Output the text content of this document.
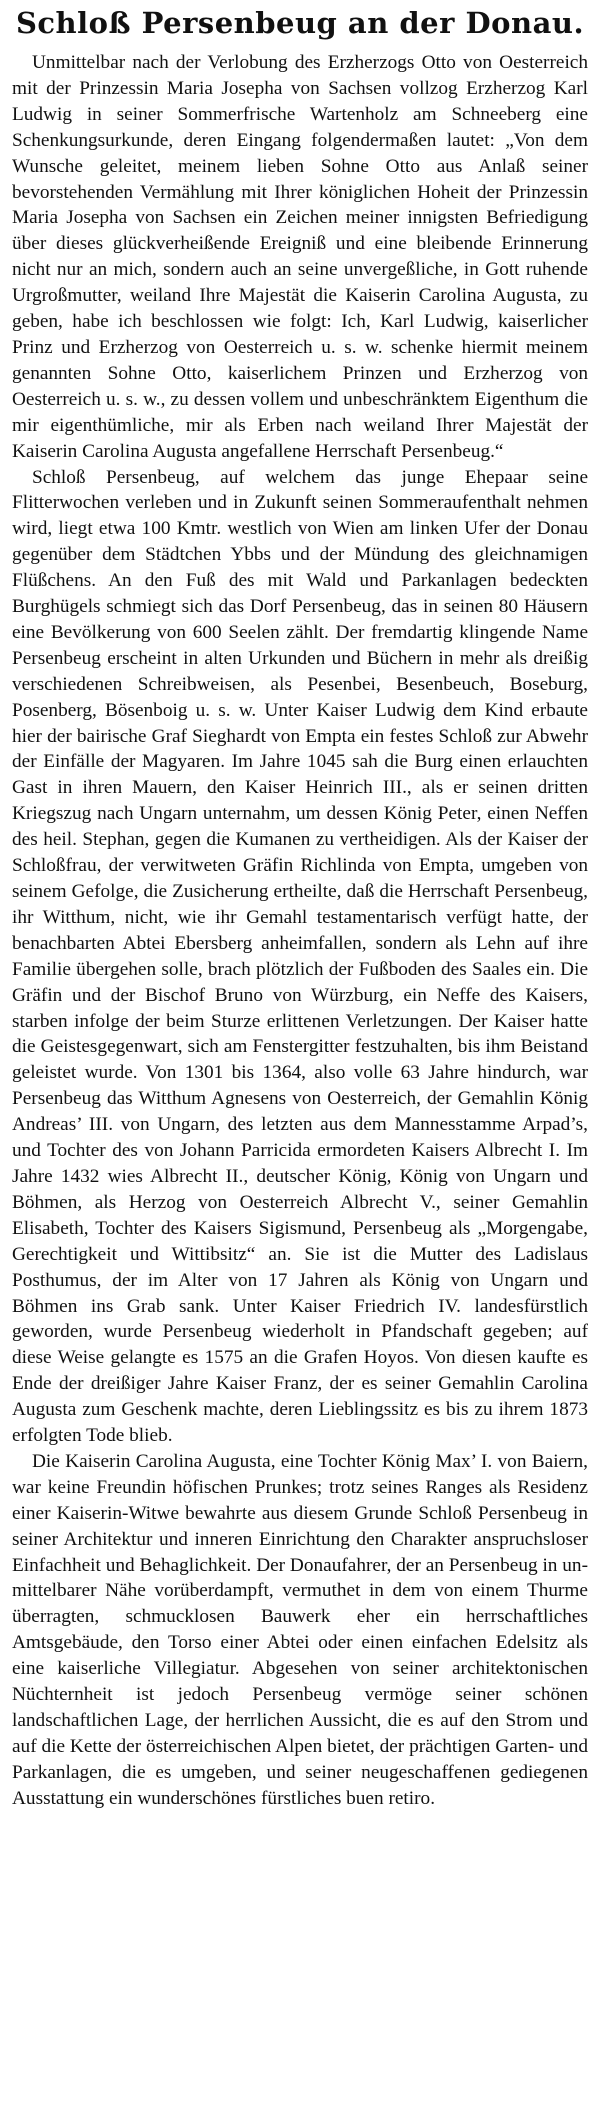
Schloß Persenbeug an der Donau.

Unmittelbar nach der Verlobung des Erzherzogs Otto von Oesterreich mit der Prinzessin Maria Josepha von Sachsen vollzog Erzherzog Karl Ludwig in seiner Sommerfrische Wartenholz am Schneeberg eine Schenkungsurkunde, deren Eingang folgendermaßen lautet: „Von dem Wunsche geleitet, meinem lieben Sohne Otto aus Anlaß seiner bevorstehenden Vermählung mit Ihrer königlichen Hoheit der Prinzessin Maria Josepha von Sachsen ein Zeichen meiner innigsten Befriedigung über dieses glückverheißende Ereigniß und eine bleibende Erinnerung nicht nur an mich, sondern auch an seine unvergeßliche, in Gott ruhende Urgroßmutter, weiland Ihre Majestät die Kaiserin Carolina Augusta, zu geben, habe ich beschlossen wie folgt: Ich, Karl Ludwig, kaiserlicher Prinz und Erzherzog von Oesterreich u. s. w. schenke hiermit meinem genannten Sohne Otto, kaiserlichem Prinzen und Erzherzog von Oesterreich u. s. w., zu dessen vollem und unbeschränktem Eigenthum die mir eigenthümliche, mir als Erben nach weiland Ihrer Majestät der Kaiserin Carolina Augusta angefallene Herrschaft Persenbeug.“

Schloß Persenbeug, auf welchem das junge Ehepaar seine Flitterwochen verleben und in Zukunft seinen Sommeraufenthalt nehmen wird, liegt etwa 100 Kmtr. westlich von Wien am linken Ufer der Donau gegenüber dem Städtchen Ybbs und der Mündung des gleichnamigen Flüßchens. An den Fuß des mit Wald und Parkanlagen bedeckten Burghügels schmiegt sich das Dorf Persenbeug, das in seinen 80 Häusern eine Bevölkerung von 600 Seelen zählt. Der fremdartig klingende Name Persenbeug erscheint in alten Urkunden und Büchern in mehr als dreißig verschiedenen Schreibweisen, als Pesenbei, Besenbeuch, Boseburg, Posenberg, Bösenboig u. s. w. Unter Kaiser Ludwig dem Kind erbaute hier der bairische Graf Sieghardt von Empta ein festes Schloß zur Abwehr der Einfälle der Magyaren. Im Jahre 1045 sah die Burg einen erlauchten Gast in ihren Mauern, den Kaiser Heinrich III., als er seinen dritten Kriegszug nach Ungarn unternahm, um dessen König Peter, einen Neffen des heil. Stephan, gegen die Kumanen zu vertheidigen. Als der Kaiser der Schloßfrau, der verwitweten Gräfin Richlinda von Empta, umgeben von seinem Gefolge, die Zusicherung ertheilte, daß die Herrschaft Persenbeug, ihr Witthum, nicht, wie ihr Gemahl testamentarisch verfügt hatte, der benachbarten Abtei Ebersberg anheimfallen, sondern als Lehn auf ihre Familie übergehen solle, brach plötzlich der Fußboden des Saales ein. Die Gräfin und der Bischof Bruno von Würzburg, ein Neffe des Kaisers, starben infolge der beim Sturze erlittenen Verletzungen. Der Kaiser hatte die Geistesgegenwart, sich am Fenstergitter festzuhalten, bis ihm Beistand geleistet wurde. Von 1301 bis 1364, also volle 63 Jahre hindurch, war Persenbeug das Witthum Agnesens von Oesterreich, der Gemahlin König Andreas’ III. von Ungarn, des letzten aus dem Mannesstamme Arpad’s, und Tochter des von Johann Parricida ermordeten Kaisers Albrecht I. Im Jahre 1432 wies Albrecht II., deutscher König, König von Ungarn und Böhmen, als Herzog von Oesterreich Albrecht V., seiner Gemahlin Elisabeth, Tochter des Kaisers Sigismund, Persenbeug als „Morgengabe, Gerechtigkeit und Wittibsitz“ an. Sie ist die Mutter des Ladislaus Posthumus, der im Alter von 17 Jahren als König von Ungarn und Böhmen ins Grab sank. Unter Kaiser Friedrich IV. landesfürstlich geworden, wurde Persenbeug wiederholt in Pfandschaft gegeben; auf diese Weise gelangte es 1575 an die Grafen Hoyos. Von diesen kaufte es Ende der dreißiger Jahre Kaiser Franz, der es seiner Gemahlin Carolina Augusta zum Geschenk machte, deren Lieblingssitz es bis zu ihrem 1873 erfolgten Tode blieb.

Die Kaiserin Carolina Augusta, eine Tochter König Max’ I. von Baiern, war keine Freundin höfischen Prunkes; trotz seines Ranges als Residenz einer Kaiserin-Witwe bewahrte aus diesem Grunde Schloß Persenbeug in seiner Architektur und inneren Einrichtung den Charakter anspruchsloser Einfachheit und Behaglichkeit. Der Donaufahrer, der an Persenbeug in unmittelbarer Nähe vorüberdampft, vermuthet in dem von einem Thurme überragten, schmucklosen Bauwerk eher ein herrschaftliches Amtsgebäude, den Torso einer Abtei oder einen einfachen Edelsitz als eine kaiserliche Villegiatur. Abgesehen von seiner architektonischen Nüchternheit ist jedoch Persenbeug vermöge seiner schönen landschaftlichen Lage, der herrlichen Aussicht, die es auf den Strom und auf die Kette der österreichischen Alpen bietet, der prächtigen Garten- und Parkanlagen, die es umgeben, und seiner neugeschaffenen gediegenen Ausstattung ein wunderschönes fürstliches buen retiro.
